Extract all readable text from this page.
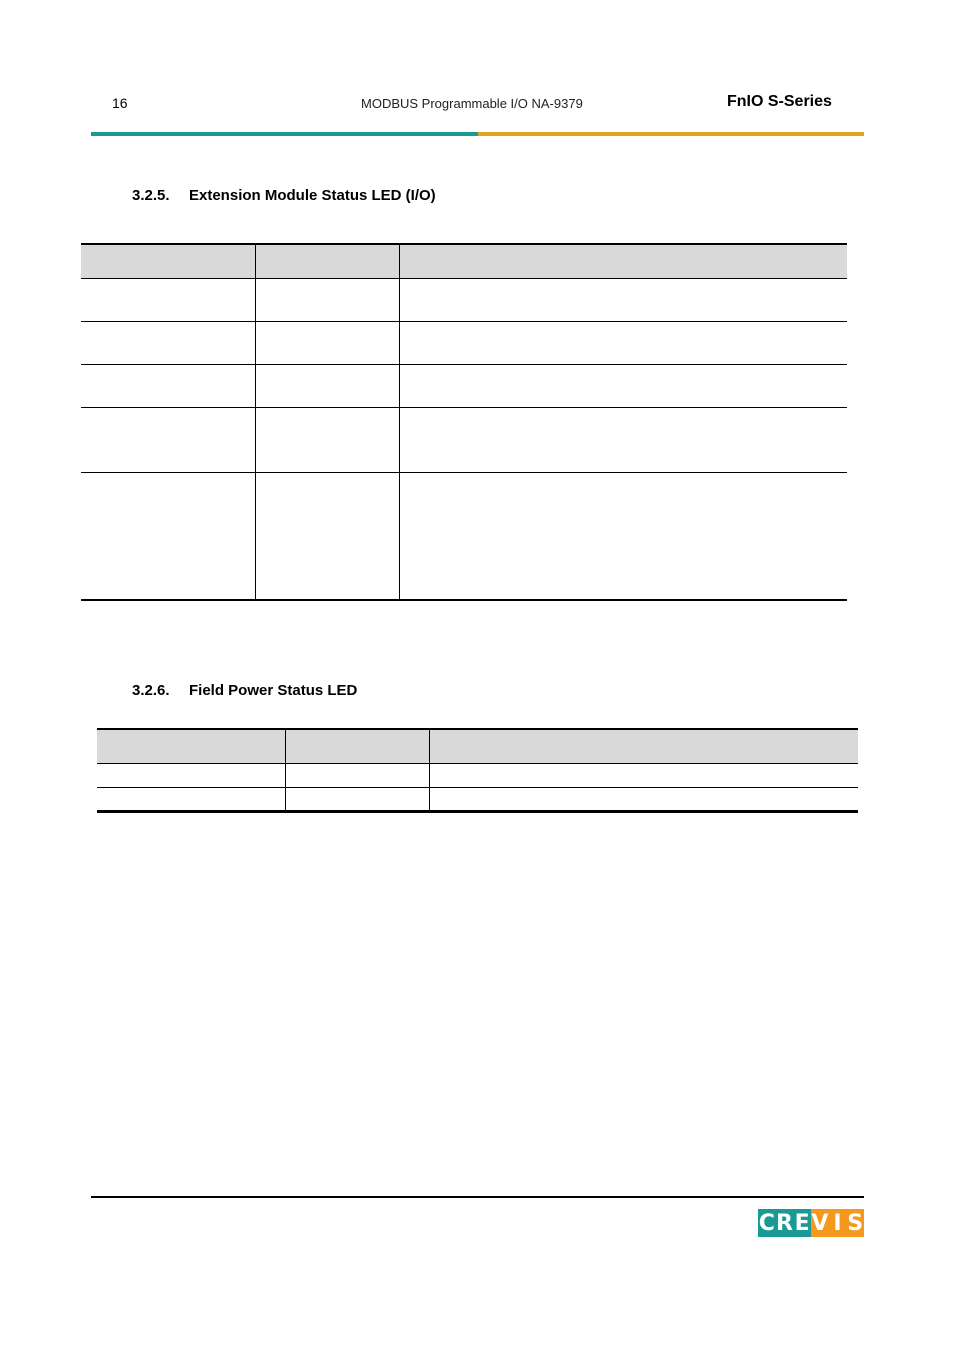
16	MODBUS Programmable I/O NA-9379	FnIO S-Series
3.2.5. Extension Module Status LED (I/O)

3.2.6. Field Power Status LED

C R E V I S
